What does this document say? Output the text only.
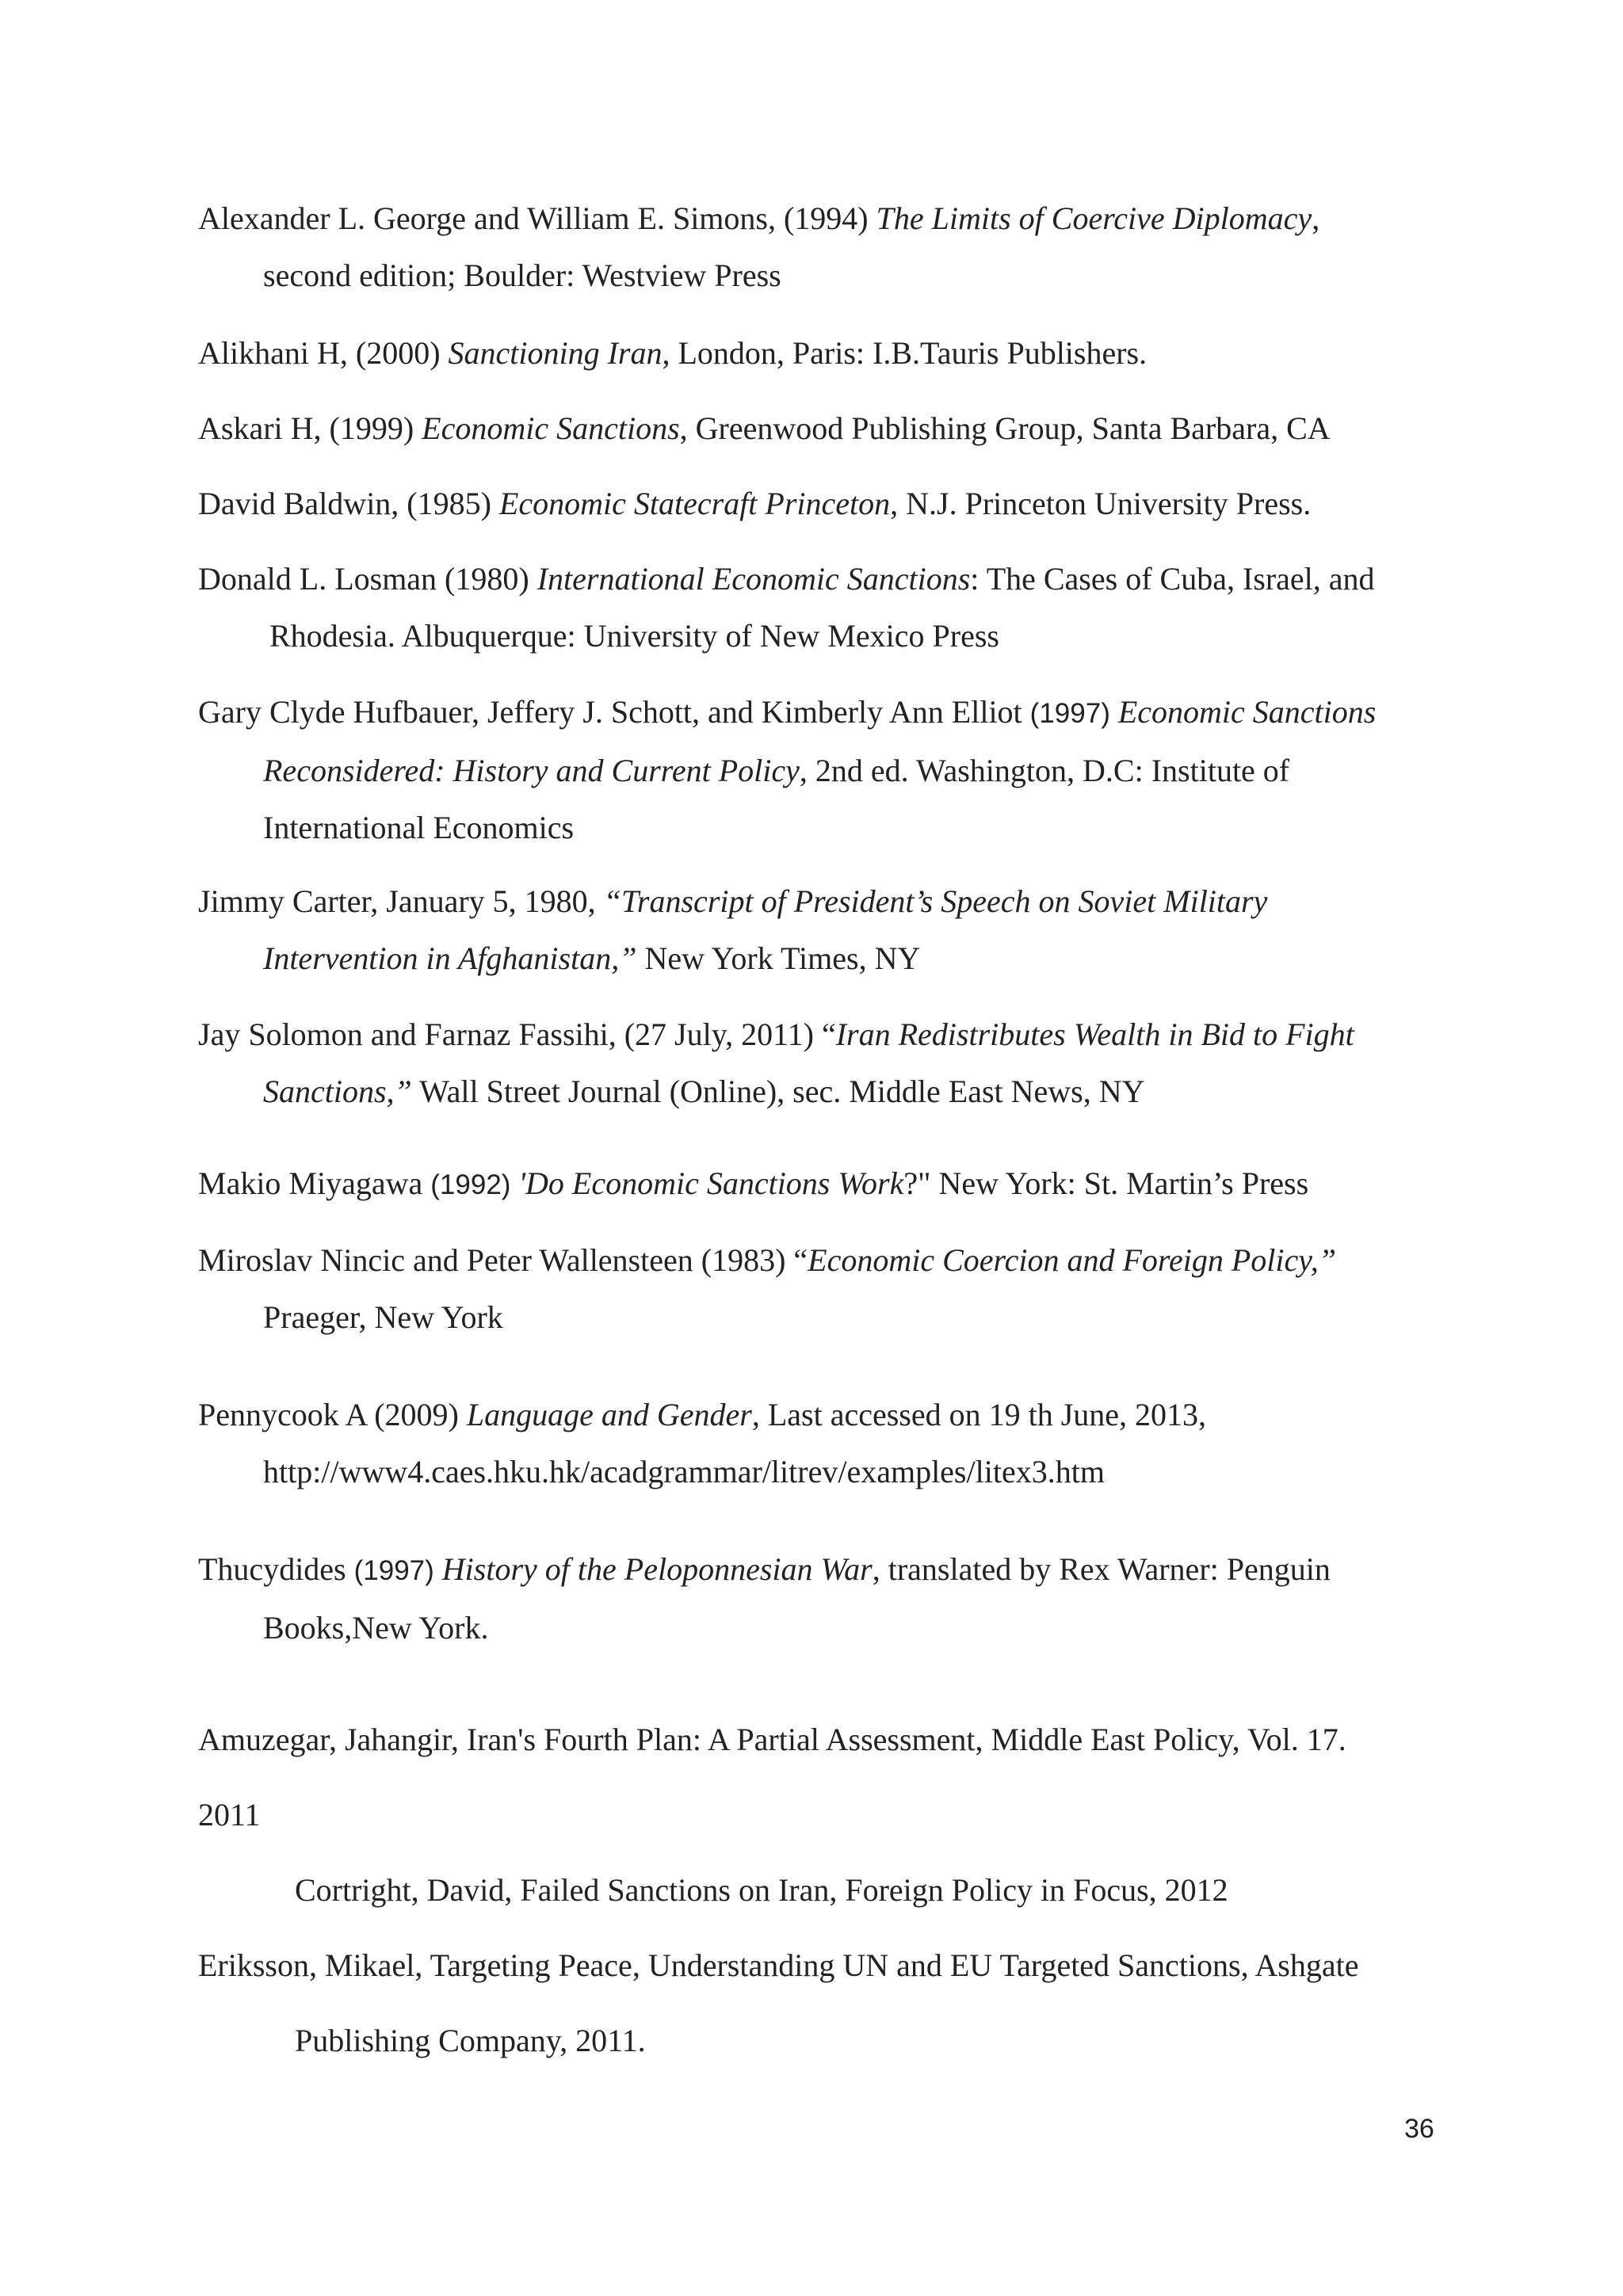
Alexander L. George and William E. Simons, (1994) The Limits of Coercive Diplomacy,
second edition; Boulder: Westview Press

Alikhani H, (2000) Sanctioning Iran, London, Paris: I.B.Tauris Publishers.

Askari H, (1999) Economic Sanctions, Greenwood Publishing Group, Santa Barbara, CA

David Baldwin, (1985) Economic Statecraft Princeton, N.J. Princeton University Press.

Donald L. Losman (1980) International Economic Sanctions: The Cases of Cuba, Israel, and
Rhodesia. Albuquerque: University of New Mexico Press

Gary Clyde Hufbauer, Jeffery J. Schott, and Kimberly Ann Elliot (1997) Economic Sanctions
Reconsidered: History and Current Policy, 2nd ed. Washington, D.C: Institute of
International Economics

Jimmy Carter, January 5, 1980, “Transcript of President’s Speech on Soviet Military
Intervention in Afghanistan,” New York Times, NY

Jay Solomon and Farnaz Fassihi, (27 July, 2011) “Iran Redistributes Wealth in Bid to Fight
Sanctions,” Wall Street Journal (Online), sec. Middle East News, NY

Makio Miyagawa (1992) 'Do Economic Sanctions Work?" New York: St. Martin’s Press

Miroslav Nincic and Peter Wallensteen (1983) “Economic Coercion and Foreign Policy,”
Praeger, New York

Pennycook A (2009) Language and Gender, Last accessed on 19 th June, 2013,
http://www4.caes.hku.hk/acadgrammar/litrev/examples/litex3.htm

Thucydides (1997) History of the Peloponnesian War, translated by Rex Warner: Penguin
Books,New York.

Amuzegar, Jahangir, Iran's Fourth Plan: A Partial Assessment, Middle East Policy, Vol. 17.

2011

Cortright, David, Failed Sanctions on Iran, Foreign Policy in Focus, 2012

Eriksson, Mikael, Targeting Peace, Understanding UN and EU Targeted Sanctions, Ashgate

Publishing Company, 2011.

36
